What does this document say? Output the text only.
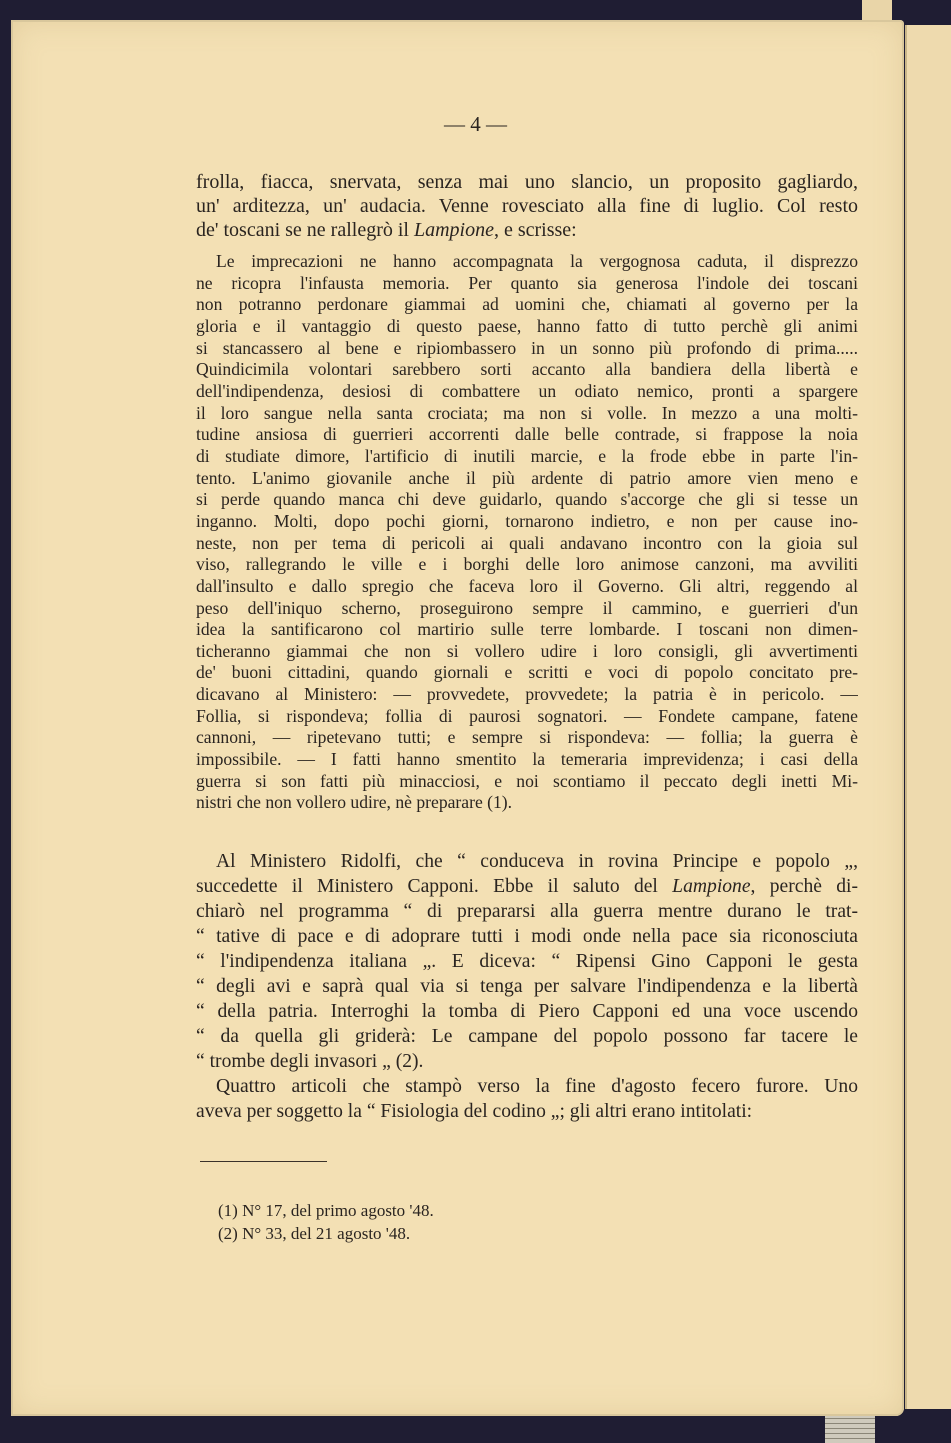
— 4 —
frolla, fiacca, snervata, senza mai uno slancio, un proposito gagliardo,
un' arditezza, un' audacia. Venne rovesciato alla fine di luglio. Col resto
de' toscani se ne rallegrò il Lampione, e scrisse:
Le imprecazioni ne hanno accompagnata la vergognosa caduta, il disprezzo
ne ricopra l'infausta memoria. Per quanto sia generosa l'indole dei toscani
non potranno perdonare giammai ad uomini che, chiamati al governo per la
gloria e il vantaggio di questo paese, hanno fatto di tutto perchè gli animi
si stancassero al bene e ripiombassero in un sonno più profondo di prima.....
Quindicimila volontari sarebbero sorti accanto alla bandiera della libertà e
dell'indipendenza, desiosi di combattere un odiato nemico, pronti a spargere
il loro sangue nella santa crociata; ma non si volle. In mezzo a una molti-
tudine ansiosa di guerrieri accorrenti dalle belle contrade, si frappose la noia
di studiate dimore, l'artificio di inutili marcie, e la frode ebbe in parte l'in-
tento. L'animo giovanile anche il più ardente di patrio amore vien meno e
si perde quando manca chi deve guidarlo, quando s'accorge che gli si tesse un
inganno. Molti, dopo pochi giorni, tornarono indietro, e non per cause ino-
neste, non per tema di pericoli ai quali andavano incontro con la gioia sul
viso, rallegrando le ville e i borghi delle loro animose canzoni, ma avviliti
dall'insulto e dallo spregio che faceva loro il Governo. Gli altri, reggendo al
peso dell'iniquo scherno, proseguirono sempre il cammino, e guerrieri d'un
idea la santificarono col martirio sulle terre lombarde. I toscani non dimen-
ticheranno giammai che non si vollero udire i loro consigli, gli avvertimenti
de' buoni cittadini, quando giornali e scritti e voci di popolo concitato pre-
dicavano al Ministero: — provvedete, provvedete; la patria è in pericolo. —
Follia, si rispondeva; follia di paurosi sognatori. — Fondete campane, fatene
cannoni, — ripetevano tutti; e sempre si rispondeva: — follia; la guerra è
impossibile. — I fatti hanno smentito la temeraria imprevidenza; i casi della
guerra si son fatti più minacciosi, e noi scontiamo il peccato degli inetti Mi-
nistri che non vollero udire, nè preparare (1).
Al Ministero Ridolfi, che “ conduceva in rovina Principe e popolo „,
succedette il Ministero Capponi. Ebbe il saluto del Lampione, perchè di-
chiarò nel programma “ di prepararsi alla guerra mentre durano le trat-
“ tative di pace e di adoprare tutti i modi onde nella pace sia riconosciuta
“ l'indipendenza italiana „. E diceva: “ Ripensi Gino Capponi le gesta
“ degli avi e saprà qual via si tenga per salvare l'indipendenza e la libertà
“ della patria. Interroghi la tomba di Piero Capponi ed una voce uscendo
“ da quella gli griderà: Le campane del popolo possono far tacere le
“ trombe degli invasori „ (2).
Quattro articoli che stampò verso la fine d'agosto fecero furore. Uno
aveva per soggetto la “ Fisiologia del codino „; gli altri erano intitolati:
(1) N° 17, del primo agosto '48.
(2) N° 33, del 21 agosto '48.
